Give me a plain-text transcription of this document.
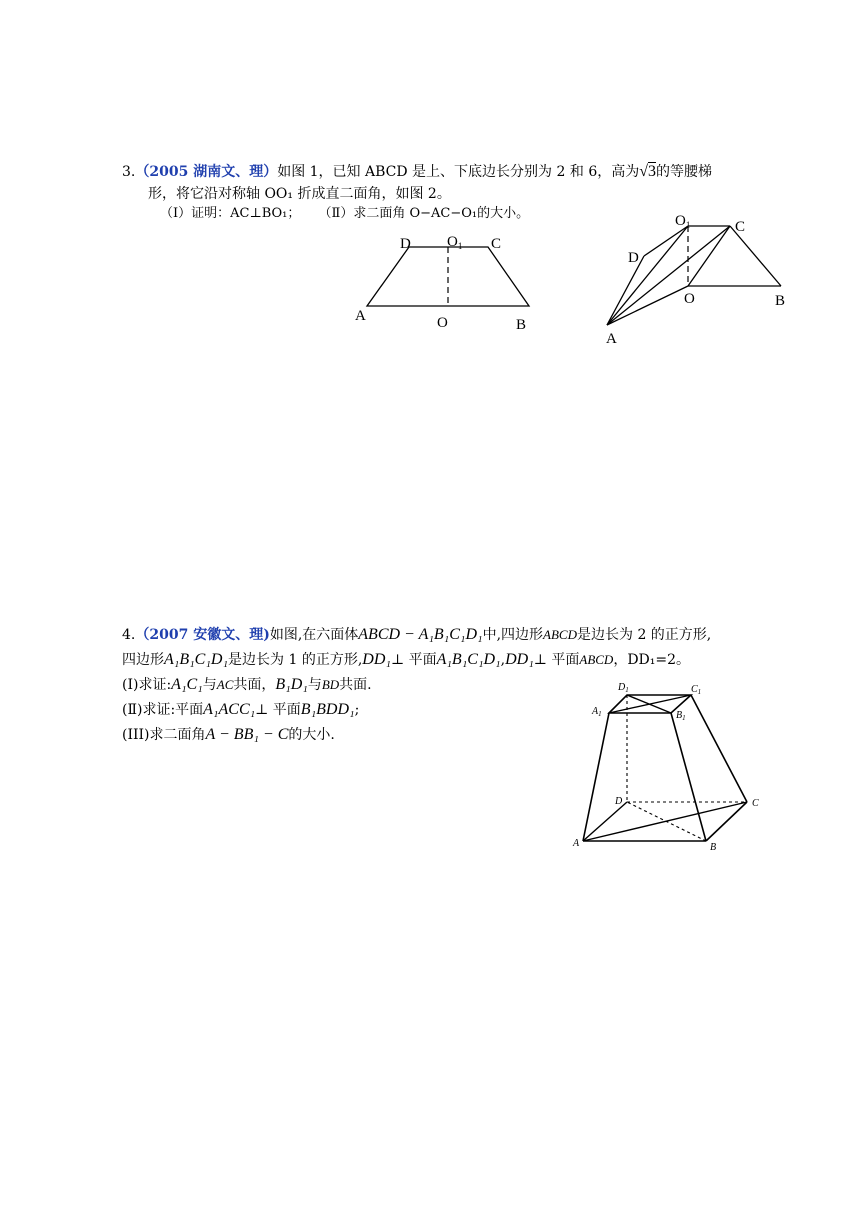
3.（2005 湖南文、理）如图 1，已知 ABCD 是上、下底边长分别为 2 和 6，高为√3的等腰梯
形，将它沿对称轴 OO₁ 折成直二面角，如图 2。
（Ⅰ）证明：AC⊥BO₁； （Ⅱ）求二面角 O−AC−O₁的大小。
D $O_1$ C
A	O	B
$O_1$	C
D
O	B
A
4.（2007 安徽文、理)如图,在六面体ABCD − A₁B₁C₁D₁中,四边形ABCD是边长为 2 的正方形,
四边形A₁B₁C₁D₁是边长为 1 的正方形,DD₁⊥ 平面A₁B₁C₁D₁,DD₁⊥ 平面ABCD，DD₁=2。
(Ⅰ)求证:A₁C₁与AC共面，B₁D₁与BD共面.
(Ⅱ)求证:平面A₁ACC₁⊥ 平面B₁BDD₁;
(III)求二面角A − BB₁ − C的大小.
$D_1$	$C_1$
$A_1$	$B_1$
D	C
A	B
